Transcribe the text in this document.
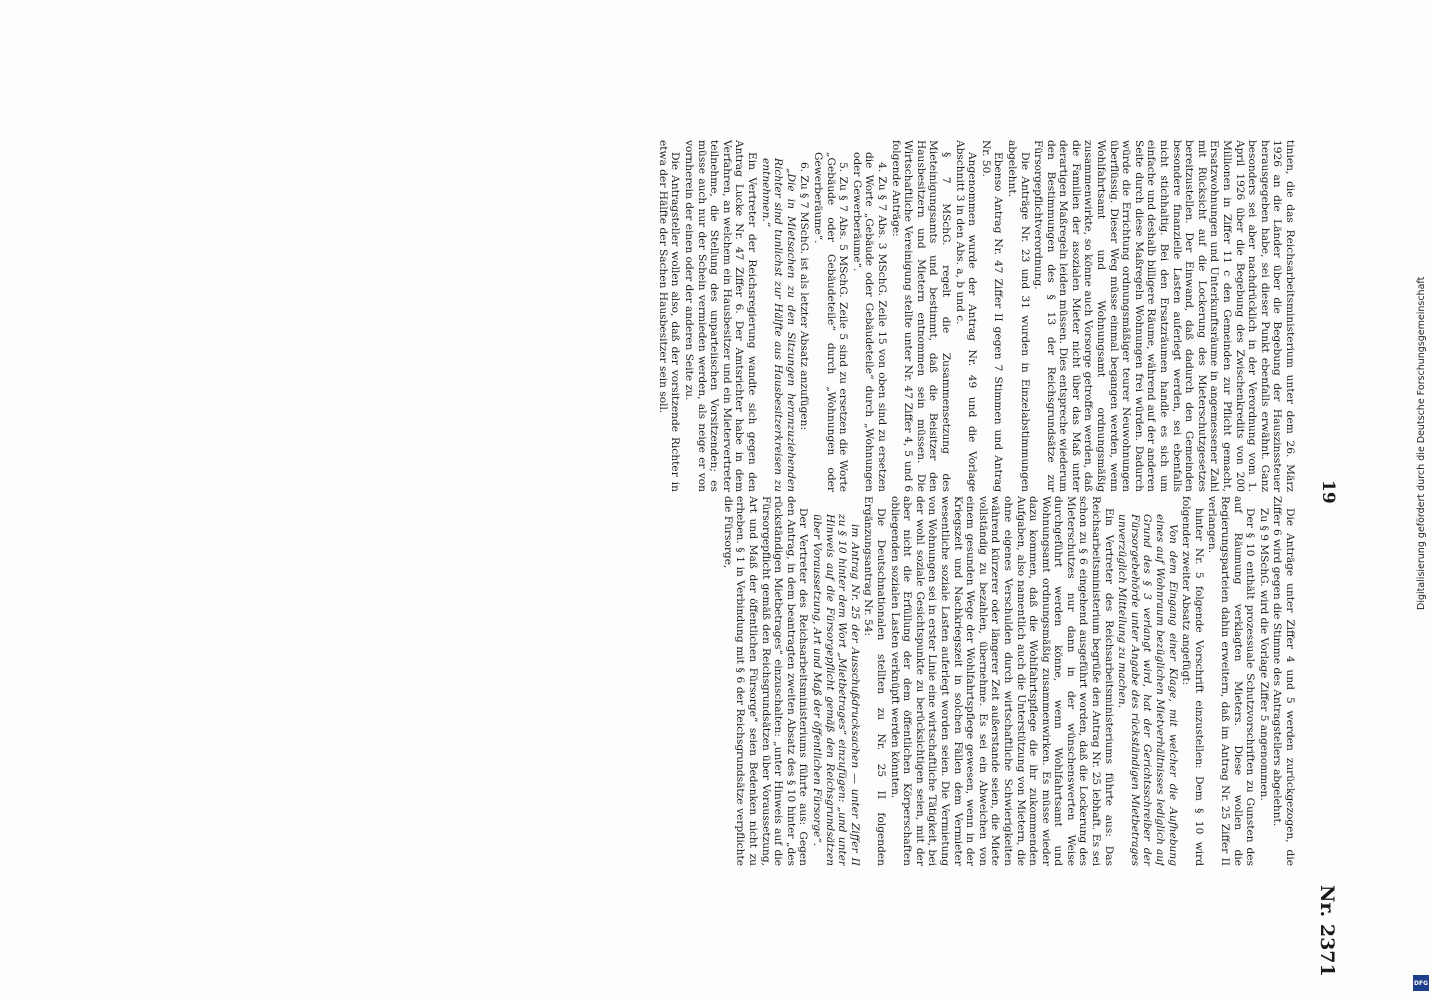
19
Nr. 2371

tinien, die das Reichsarbeitsministerium unter dem 26. März 1926 an die Länder über die Begebung der Hauszinssteuer herausgegeben habe, sei dieser Punkt ebenfalls erwähnt. Ganz besonders sei aber nachdrücklich in der Verordnung vom 1. April 1926 über die Begebung des Zwischenkredits von 200 Millionen in Ziffer 11 c den Gemeinden zur Pflicht gemacht, Ersatzwohnungen und Unterkunftsräume in angemessener Zahl mit Rücksicht auf die Lockerung des Mieterschutzgesetzes bereitzustellen. Der Einwand, daß dadurch den Gemeinden besondere finanzielle Lasten auferlegt werden, sei ebenfalls nicht stichhaltig. Bei den Ersatzräumen handle es sich um einfache und deshalb billigere Räume, während auf der anderen Seite durch diese Maßregeln Wohnungen frei würden. Dadurch würde die Errichtung ordnungsmäßiger teurer Neuwohnungen überflüssig. Dieser Weg müsse einmal begangen werden, wenn Wohlfahrtsamt und Wohnungsamt ordnungsmäßig zusammenwirkte, so könne auch Vorsorge getroffen werden, daß die Familien der asozialen Mieter nicht über das Maß unter derartigen Maßregeln leiden müssen. Dies entspreche wiederum den Bestimmungen des § 13 der Reichsgrundsätze zur Fürsorgepflichtverordnung.

Die Anträge Nr. 23 und 31 wurden in Einzelabstimmungen abgelehnt.

Ebenso Antrag Nr. 47 Ziffer II gegen 7 Stimmen und Antrag Nr. 50.

Angenommen wurde der Antrag Nr. 49 und die Vorlage Abschnitt 3 in den Abs. a, b und c.

§ 7 MSchG. regelt die Zusammensetzung des Mieteinigungsamts und bestimmt, daß die Beisitzer den Hausbesitzern und Mietern entnommen sein müssen. Die Wirtschaftliche Vereinigung stellte unter Nr. 47 Ziffer 4, 5 und 6 folgende Anträge:

4. Zu § 7 Abs. 3 MSchG. Zeile 15 von oben sind zu ersetzen die Worte „Gebäude oder Gebäudeteile“ durch „Wohnungen oder Gewerberäume“.

5. Zu § 7 Abs. 5 MSchG. Zeile 5 sind zu ersetzen die Worte „Gebäude oder Gebäudeteile“ durch „Wohnungen oder Gewerberäume“.

6. Zu § 7 MSchG. ist als letzter Absatz anzufügen:

„Die in Mietsachen zu den Sitzungen heranzuziehenden Richter sind tunlichst zur Hälfte aus Hausbesitzerkreisen zu entnehmen.“

Ein Vertreter der Reichsregierung wandte sich gegen den Antrag Lucke Nr. 47 Ziffer 6. Der Amtsrichter habe in dem Verfahren, an welchem ein Hausbesitzer und ein Mietervertreter teilnehme, die Stellung des unparteiischen Vorsitzenden; es müsse auch nur der Schein vermieden werden, als neige er von vornherein der einen oder der anderen Seite zu.

Die Antragsteller wollen also, daß der vorsitzende Richter in etwa der Hälfte der Sachen Hausbesitzer sein soll.

Die Anträge unter Ziffer 4 und 5 werden zurückgezogen, die Ziffer 6 wird gegen die Stimme des Antragstellers abgelehnt.

Zu § 9 MSchG. wird die Vorlage Ziffer 5 angenommen.

Der § 10 enthält prozessuale Schutzvorschriften zu Gunsten des auf Räumung verklagten Mieters. Diese wollen die Regierungsparteien dahin erweitern, daß im Antrag Nr. 25 Ziffer II verlangen.

hinter Nr. 5 folgende Vorschrift einzustellen: Dem § 10 wird folgender zweiter Absatz angefügt:

Von dem Eingang einer Klage, mit welcher die Aufhebung eines auf Wohnraum bezüglichen Mietverhältnisses lediglich auf Grund des § 3 verlangt wird, hat der Gerichtsschreiber der Fürsorgebehörde unter Angabe des rückständigen Mietbetrages unverzüglich Mitteilung zu machen.

Ein Vertreter des Reichsarbeitsministeriums führte aus: Das Reichsarbeitsministerium begrüße den Antrag Nr. 25 lebhaft. Es sei schon zu § 6 eingehend ausgeführt worden, daß die Lockerung des Mieterschutzes nur dann in der wünschenswerten Weise durchgeführt werden könne, wenn Wohlfahrtsamt und Wohnungsamt ordnungsmäßig zusammenwirken. Es müsse wieder dazu kommen, daß die Wohlfahrtspflege die ihr zukommenden Aufgaben, also namentlich auch die Unterstützung von Mietern, die ohne eigenes Verschulden durch wirtschaftliche Schwierigkeiten während kürzerer oder längerer Zeit außerstande seien, die Miete vollständig zu bezahlen, übernehme. Es sei ein Abweichen von einem gesunden Wege der Wohlfahrtspflege gewesen, wenn in der Kriegszeit und Nachkriegszeit in solchen Fällen dem Vermieter wesentliche soziale Lasten auferlegt worden seien. Die Vermietung von Wohnungen sei in erster Linie eine wirtschaftliche Tätigkeit, bei der wohl soziale Gesichtspunkte zu berücksichtigen seien, mit der aber nicht die Erfüllung der dem öffentlichen Körperschaften obliegenden sozialen Lasten verknüpft werden könnten.

Die Deutschnationalen stellten zu Nr. 25 II folgenden Ergänzungsantrag Nr. 54:

im Antrag Nr. 25 der Ausschußdrucksachen — unter Ziffer II zu § 10 hinter dem Wort „Mietbetrages“ einzufügen: „und unter Hinweis auf die Fürsorgepflicht gemäß den Reichsgrundsätzen über Voraussetzung, Art und Maß der öffentlichen Fürsorge“.

Der Vertreter des Reichsarbeitsministeriums führte aus: Gegen den Antrag, in dem beantragten zweiten Absatz des § 10 hinter „des rückständigen Mietbetrages“ einzuschalten: „unter Hinweis auf die Fürsorgepflicht gemäß den Reichsgrundsätzen über Voraussetzung, Art und Maß der öffentlichen Fürsorge“ seien Bedenken nicht zu erheben. § 1 in Verbindung mit § 6 der Reichsgrundsätze verpflichte die Fürsorge,	Digitalisierung gefördert durch die Deutsche Forschungsgemeinschaft
DFG
